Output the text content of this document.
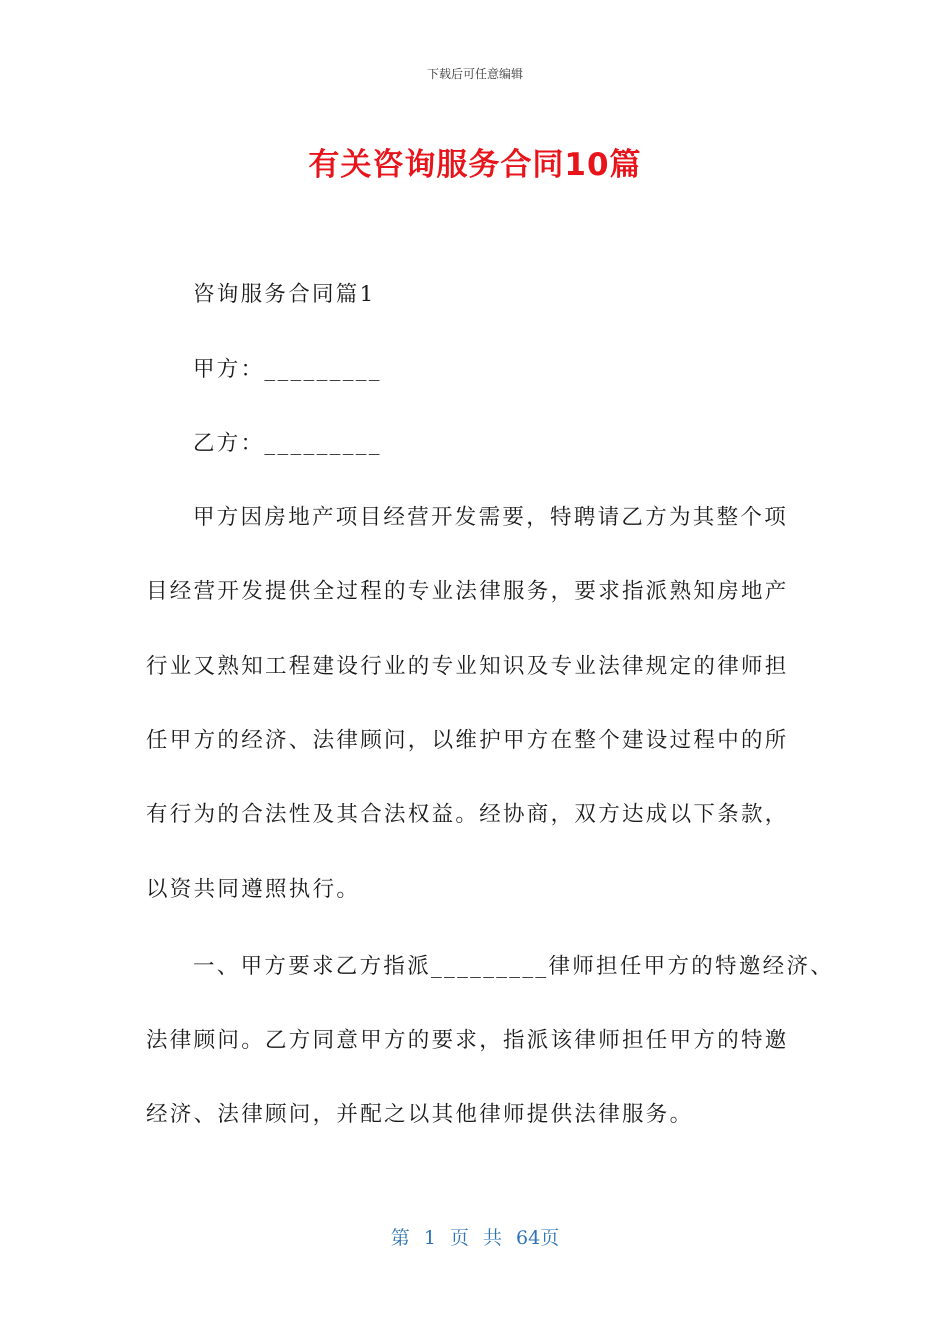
下载后可任意编辑
有关咨询服务合同10篇
咨询服务合同篇1
甲方：_________
乙方：_________
甲方因房地产项目经营开发需要，特聘请乙方为其整个项
目经营开发提供全过程的专业法律服务，要求指派熟知房地产
行业又熟知工程建设行业的专业知识及专业法律规定的律师担
任甲方的经济、法律顾问，以维护甲方在整个建设过程中的所
有行为的合法性及其合法权益。经协商，双方达成以下条款，
以资共同遵照执行。
一、甲方要求乙方指派_________律师担任甲方的特邀经济、
法律顾问。乙方同意甲方的要求，指派该律师担任甲方的特邀
经济、法律顾问，并配之以其他律师提供法律服务。
第 1 页 共 64页
